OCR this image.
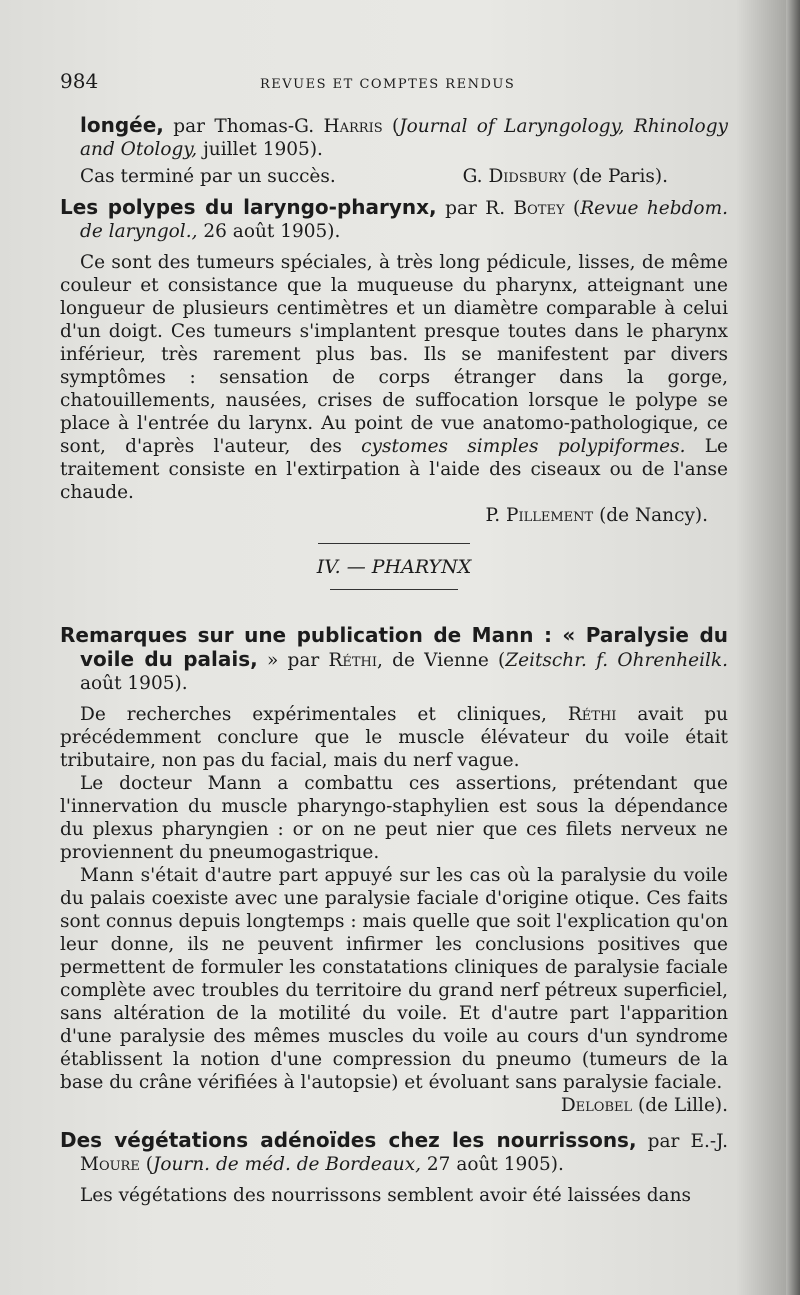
984	REVUES ET COMPTES RENDUS

longée, par Thomas-G. Harris (Journal of Laryngology, Rhinology and Otology, juillet 1905).

Cas terminé par un succès.	G. Didsbury (de Paris).

Les polypes du laryngo-pharynx, par R. Botey (Revue hebdom. de laryngol., 26 août 1905).

Ce sont des tumeurs spéciales, à très long pédicule, lisses, de même couleur et consistance que la muqueuse du pharynx, atteignant une longueur de plusieurs centimètres et un diamètre comparable à celui d'un doigt. Ces tumeurs s'implantent presque toutes dans le pharynx inférieur, très rarement plus bas. Ils se manifestent par divers symptômes : sensation de corps étranger dans la gorge, chatouillements, nausées, crises de suffocation lorsque le polype se place à l'entrée du larynx. Au point de vue anatomo-pathologique, ce sont, d'après l'auteur, des cystomes simples polypiformes. Le traitement consiste en l'extirpation à l'aide des ciseaux ou de l'anse chaude.

P. Pillement (de Nancy).

IV. — PHARYNX

Remarques sur une publication de Mann : « Paralysie du voile du palais, » par Réthi, de Vienne (Zeitschr. f. Ohrenheilk. août 1905).

De recherches expérimentales et cliniques, Réthi avait pu précédemment conclure que le muscle élévateur du voile était tributaire, non pas du facial, mais du nerf vague.

Le docteur Mann a combattu ces assertions, prétendant que l'innervation du muscle pharyngo-staphylien est sous la dépendance du plexus pharyngien : or on ne peut nier que ces filets nerveux ne proviennent du pneumogastrique.

Mann s'était d'autre part appuyé sur les cas où la paralysie du voile du palais coexiste avec une paralysie faciale d'origine otique. Ces faits sont connus depuis longtemps : mais quelle que soit l'explication qu'on leur donne, ils ne peuvent infirmer les conclusions positives que permettent de formuler les constatations cliniques de paralysie faciale complète avec troubles du territoire du grand nerf pétreux superficiel, sans altération de la motilité du voile. Et d'autre part l'apparition d'une paralysie des mêmes muscles du voile au cours d'un syndrome établissent la notion d'une compression du pneumo (tumeurs de la base du crâne vérifiées à l'autopsie) et évoluant sans paralysie faciale.
Delobel (de Lille).

Des végétations adénoïdes chez les nourrissons, par E.-J. Moure (Journ. de méd. de Bordeaux, 27 août 1905).

Les végétations des nourrissons semblent avoir été laissées dans
